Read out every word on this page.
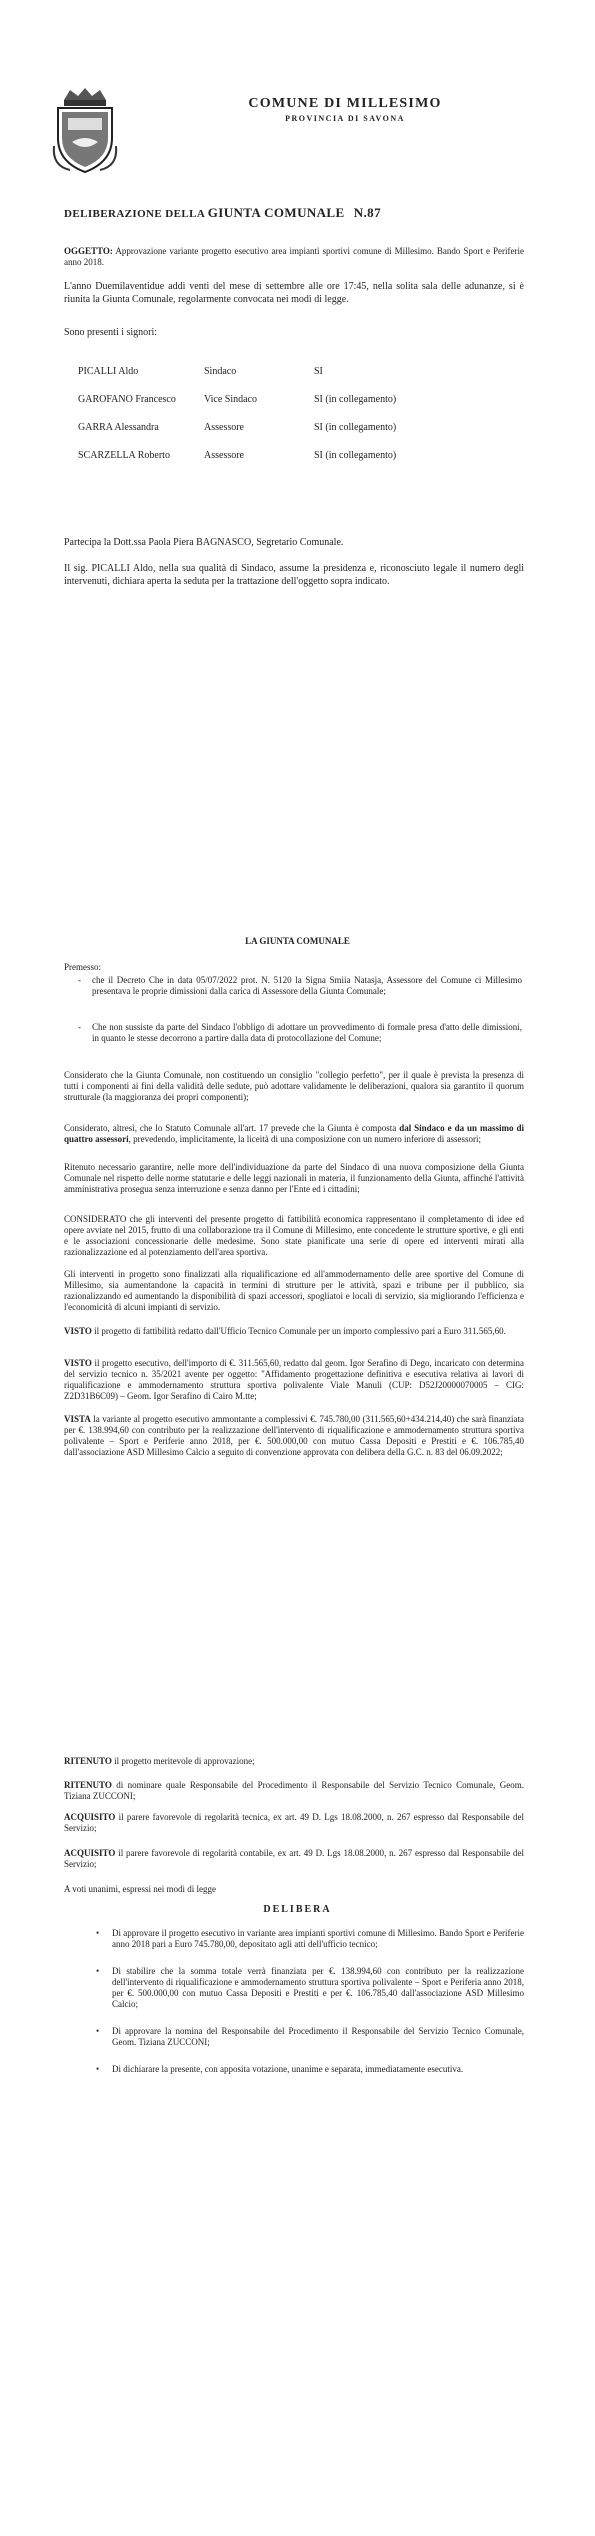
COMUNE DI MILLESIMO
PROVINCIA DI SAVONA
DELIBERAZIONE DELLA GIUNTA COMUNALE N.87
OGGETTO: Approvazione variante progetto esecutivo area impianti sportivi comune di Millesimo. Bando Sport e Periferie anno 2018.
L'anno Duemilaventidue addì venti del mese di settembre alle ore 17:45, nella solita sala delle adunanze, si è riunita la Giunta Comunale, regolarmente convocata nei modi di legge.
Sono presenti i signori:
PICALLI Aldo	Sindaco	SI
GAROFANO Francesco	Vice Sindaco	SI (in collegamento)
GARRA Alessandra	Assessore	SI (in collegamento)
SCARZELLA Roberto	Assessore	SI (in collegamento)
Partecipa la Dott.ssa Paola Piera BAGNASCO, Segretario Comunale.
Il sig. PICALLI Aldo, nella sua qualità di Sindaco, assume la presidenza e, riconosciuto legale il numero degli intervenuti, dichiara aperta la seduta per la trattazione dell'oggetto sopra indicato.
LA GIUNTA COMUNALE
Premesso:
- che il Decreto Che in data 05/07/2022 prot. N. 5120 la Signa Smiia Natasja, Assessore del Comune ci Millesimo presentava le proprie dimissioni dalla carica di Assessore della Giunta Comunale;
- Che non sussiste da parte del Sindaco l'obbligo di adottare un provvedimento di formale presa d'atto delle dimissioni, in quanto le stesse decorrono a partire dalla data di protocollazione del Comune;
Considerato che la Giunta Comunale, non costituendo un consiglio "collegio perfetto", per il quale è prevista la presenza di tutti i componenti ai fini della validità delle sedute, può adottare validamente le deliberazioni, qualora sia garantito il quorum strutturale (la maggioranza dei propri componenti);
Considerato, altresì, che lo Statuto Comunale all'art. 17 prevede che la Giunta è composta dal Sindaco e da un massimo di quattro assessori, prevedendo, implicitamente, la liceità di una composizione con un numero inferiore di assessori;
Ritenuto necessario garantire, nelle more dell'individuazione da parte del Sindaco di una nuova composizione della Giunta Comunale nel rispetto delle norme statutarie e delle leggi nazionali in materia, il funzionamento della Giunta, affinché l'attività amministrativa prosegua senza interruzione e senza danno per l'Ente ed i cittadini;
CONSIDERATO che gli interventi del presente progetto di fattibilità economica rappresentano il completamento di idee ed opere avviate nel 2015, frutto di una collaborazione tra il Comune di Millesimo, ente concedente le strutture sportive, e gli enti e le associazioni concessionarie delle medesime. Sono state pianificate una serie di opere ed interventi mirati alla razionalizzazione ed al potenziamento dell'area sportiva.
Gli interventi in progetto sono finalizzati alla riqualificazione ed all'ammodernamento delle aree sportive del Comune di Millesimo, sia aumentandone la capacità in termini di strutture per le attività, spazi e tribune per il pubblico, sia razionalizzando ed aumentando la disponibilità di spazi accessori, spogliatoi e locali di servizio, sia migliorando l'efficienza e l'economicità di alcuni impianti di servizio.
VISTO il progetto di fattibilità redatto dall'Ufficio Tecnico Comunale per un importo complessivo pari a Euro 311.565,60.
VISTO il progetto esecutivo, dell'importo di €. 311.565,60, redatto dal geom. Igor Serafino di Dego, incaricato con determina del servizio tecnico n. 35/2021 avente per oggetto: "Affidamento progettazione definitiva e esecutiva relativa ai lavori di riqualificazione e ammodernamento struttura sportiva polivalente Viale Manuli (CUP: D52J20000070005 – CIG: Z2D31B6C09) – Geom. Igor Serafino di Cairo M.tte;
VISTA la variante al progetto esecutivo ammontante a complessivi €. 745.780,00 (311.565,60+434.214,40) che sarà finanziata per €. 138.994,60 con contributo per la realizzazione dell'intervento di riqualificazione e ammodernamento struttura sportiva polivalente – Sport e Periferie anno 2018, per €. 500.000,00 con mutuo Cassa Depositi e Prestiti e €. 106.785,40 dall'associazione ASD Millesimo Calcio a seguito di convenzione approvata con delibera della G.C. n. 83 del 06.09.2022;
RITENUTO il progetto meritevole di approvazione;
RITENUTO di nominare quale Responsabile del Procedimento il Responsabile del Servizio Tecnico Comunale, Geom. Tiziana ZUCCONI;
ACQUISITO il parere favorevole di regolarità tecnica, ex art. 49 D. Lgs 18.08.2000, n. 267 espresso dal Responsabile del Servizio;
ACQUISITO il parere favorevole di regolarità contabile, ex art. 49 D. Lgs 18.08.2000, n. 267 espresso dal Responsabile del Servizio;
A voti unanimi, espressi nei modi di legge
DELIBERA
• Di approvare il progetto esecutivo in variante area impianti sportivi comune di Millesimo. Bando Sport e Periferie anno 2018 pari a Euro 745.780,00, depositato agli atti dell'ufficio tecnico;
• Di stabilire che la somma totale verrà finanziata per €. 138.994,60 con contributo per la realizzazione dell'intervento di riqualificazione e ammodernamento struttura sportiva polivalente – Sport e Periferia anno 2018, per €. 500.000,00 con mutuo Cassa Depositi e Prestiti e per €. 106.785,40 dall'associazione ASD Millesimo Calcio;
• Di approvare la nomina del Responsabile del Procedimento il Responsabile del Servizio Tecnico Comunale, Geom. Tiziana ZUCCONI;
• Di dichiarare la presente, con apposita votazione, unanime e separata, immediatamente esecutiva.
